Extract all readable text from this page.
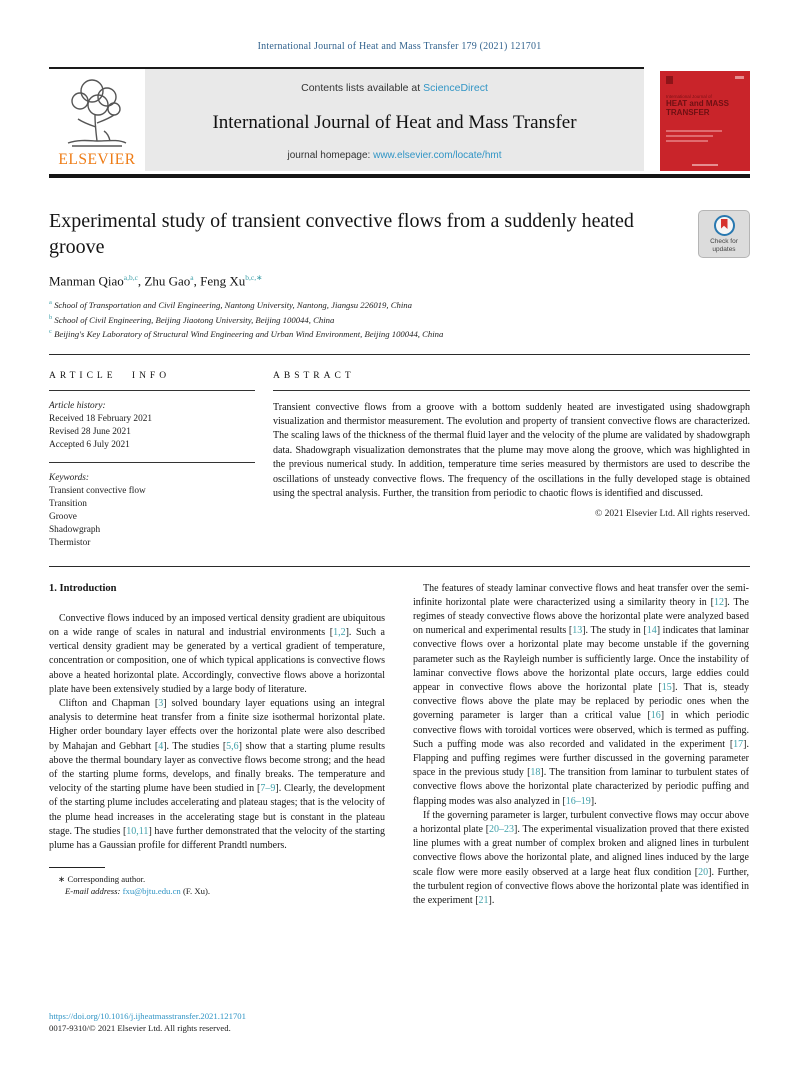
International Journal of Heat and Mass Transfer 179 (2021) 121701
ELSEVIER
Contents lists available at ScienceDirect
International Journal of Heat and Mass Transfer
journal homepage: www.elsevier.com/locate/hmt
International Journal of
HEAT and MASS
TRANSFER
Experimental study of transient convective flows from a suddenly heated groove	Check for
updates
Manman Qiao$^{a,b,c}$, Zhu Gao$^a$, Feng $Xu^{b,c,∗}$
$^a$ School of Transportation and Civil Engineering, Nantong University, Nantong, Jiangsu 226019, China
$^b$ School of Civil Engineering, Beijing Jiaotong University, Beijing 100044, China
$^c$ Beijing's Key Laboratory of Structural Wind Engineering and Urban Wind Environment, Beijing 100044, China
ARTICLE INFO
Article history:
Received 18 February 2021
Revised 28 June 2021
Accepted 6 July 2021
Keywords:
Transient convective flow
Transition
Groove
Shadowgraph
Thermistor
ABSTRACT
Transient convective flows from a groove with a bottom suddenly heated are investigated using shadowgraph visualization and thermistor measurement. The evolution and property of transient convective flows are characterized. The scaling laws of the thickness of the thermal fluid layer and the velocity of the plume are validated by shadowgraph data. Shadowgraph visualization demonstrates that the plume may move along the groove, which was highlighted in the previous numerical study. In addition, temperature time series measured by thermistors are used to describe the oscillations of unsteady convective flows. The frequency of the oscillations in the fully developed stage is obtained using the spectral analysis. Further, the transition from periodic to chaotic flows is identified and discussed.
© 2021 Elsevier Ltd. All rights reserved.
1. Introduction

Convective flows induced by an imposed vertical density gradient are ubiquitous on a wide range of scales in natural and industrial environments [1,2]. Such a vertical density gradient may be generated by a vertical gradient of temperature, concentration or composition, one of which typical applications is convective flows above a heated horizontal plate. Accordingly, convective flows above a horizontal plate have been extensively studied by a large body of literature.

Clifton and Chapman [3] solved boundary layer equations using an integral analysis to determine heat transfer from a finite size isothermal horizontal plate. Higher order boundary layer effects over the horizontal plate were also described by Mahajan and Gebhart [4]. The studies [5,6] show that a starting plume results above the thermal boundary layer as convective flows become strong; and the head of the starting plume forms, develops, and finally breaks. The temperature and velocity of the starting plume have been studied in [7–9]. Clearly, the development of the starting plume includes accelerating and plateau stages; that is the velocity of the plume head increases in the accelerating stage but is constant in the plateau stage. The studies [10,11] have further demonstrated that the velocity of the starting plume has a Gaussian profile for different Prandtl numbers.

∗ Corresponding author.
E-mail address: fxu@bjtu.edu.cn (F. Xu).

The features of steady laminar convective flows and heat transfer over the semi-infinite horizontal plate were characterized using a similarity theory in [12]. The regimes of steady convective flows above the horizontal plate were analyzed based on numerical and experimental results [13]. The study in [14] indicates that laminar convective flows over a horizontal plate may become unstable if the governing parameter such as the Rayleigh number is sufficiently large. Once the instability of laminar convective flows above the horizontal plate occurs, large eddies could appear in convective flows above the horizontal plate [15]. That is, steady convective flows above the plate may be replaced by periodic ones when the governing parameter is larger than a critical value [16] in which periodic convective flows with toroidal vortices were observed, which is termed as puffing. Such a puffing mode was also recorded and validated in the experiment [17]. Flapping and puffing regimes were further discussed in the governing parameter space in the previous study [18]. The transition from laminar to turbulent states of convective flows above the horizontal plate characterized by periodic puffing and flapping modes was also analyzed in [16–19].

If the governing parameter is larger, turbulent convective flows may occur above a horizontal plate [20–23]. The experimental visualization proved that there existed line plumes with a great number of complex broken and aligned lines in turbulent convective flows above the horizontal plate, and aligned lines induced by the large scale flow were more easily observed at a large heat flux condition [20]. Further, the turbulent region of convective flows above the horizontal plate was identified in the experiment [21].

https://doi.org/10.1016/j.ijheatmasstransfer.2021.121701
0017-9310/© 2021 Elsevier Ltd. All rights reserved.
